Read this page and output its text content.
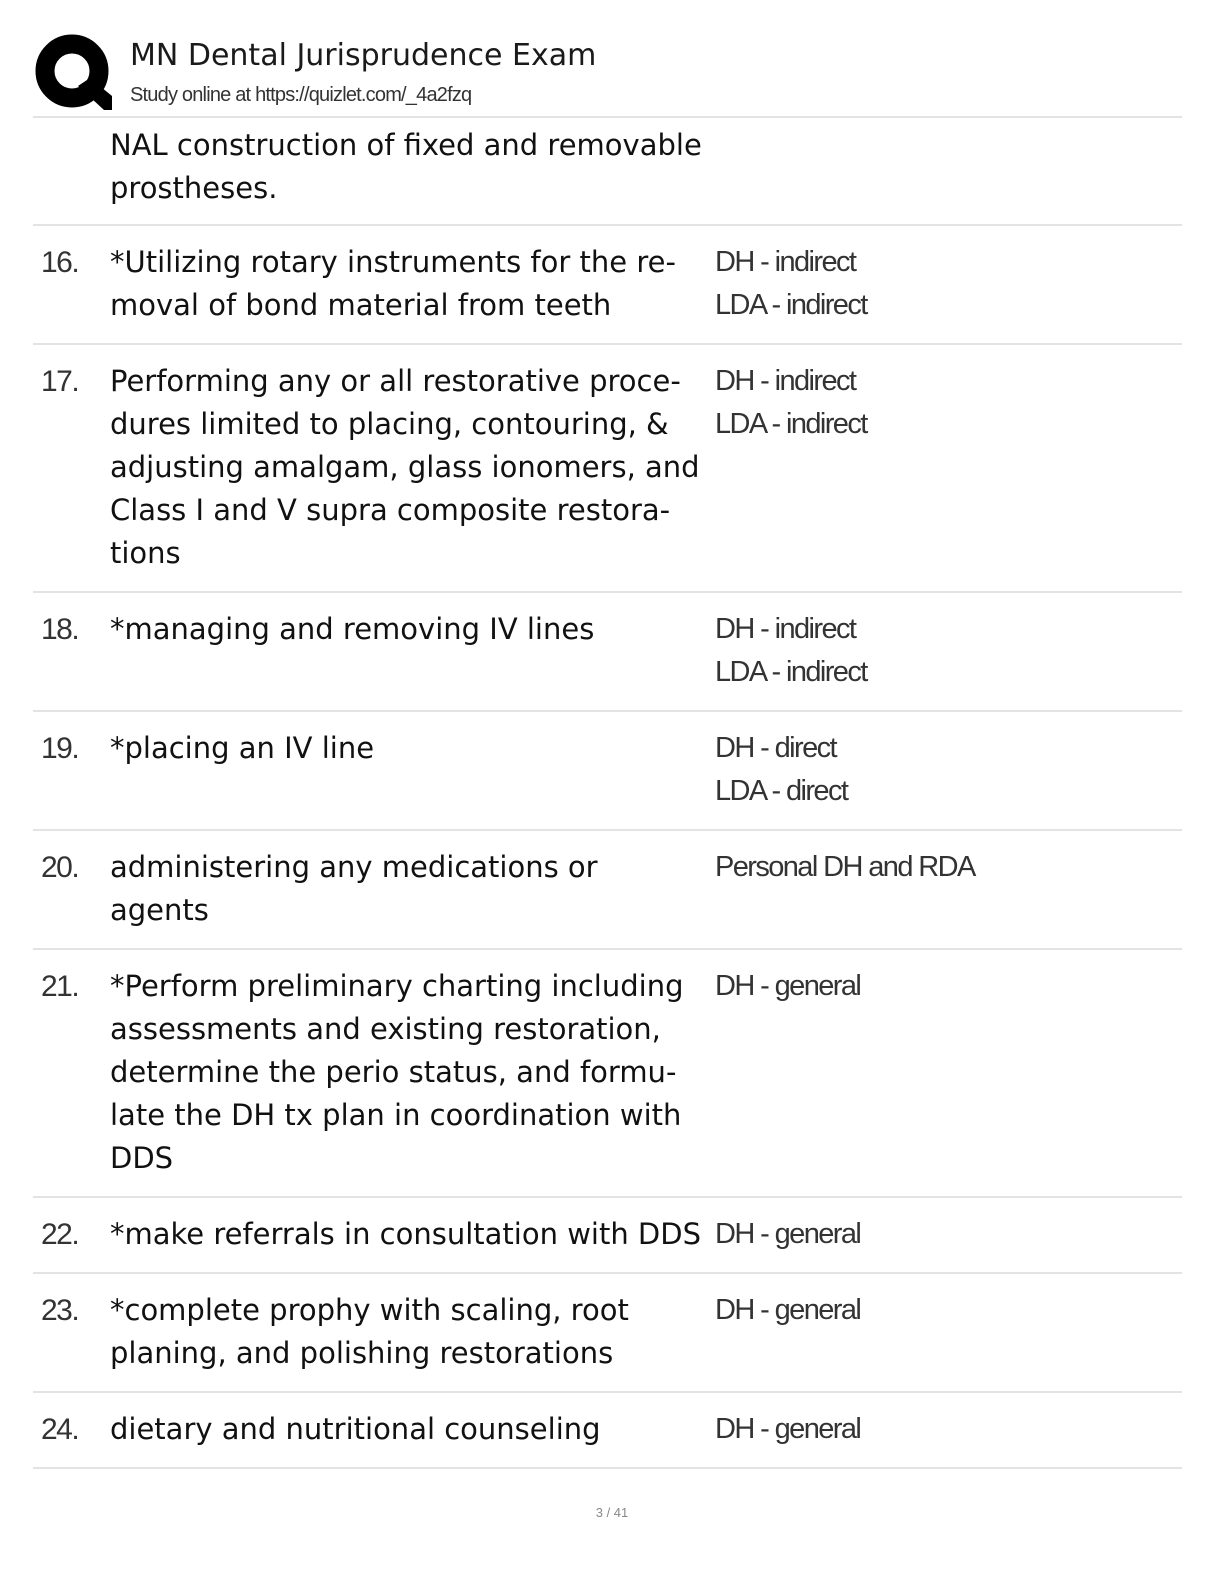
MN Dental Jurisprudence Exam
Study online at https://quizlet.com/_4a2fzq
NAL construction of fixed and removable
prostheses.
16.	*Utilizing rotary instruments for the re-
moval of bond material from teeth
DH - indirect
LDA - indirect
17.	Performing any or all restorative proce-
dures limited to placing, contouring, &
adjusting amalgam, glass ionomers, and
Class I and V supra composite restora-
tions
DH - indirect
LDA - indirect
18.	*managing and removing IV lines	DH - indirect
LDA - indirect
19.	*placing an IV line	DH - direct
LDA - direct
20.	administering any medications or
agents
Personal DH and RDA
21.	*Perform preliminary charting including
assessments and existing restoration,
determine the perio status, and formu-
late the DH tx plan in coordination with
DDS
DH - general
22.	*make referrals in consultation with DDS DH - general
23.	*complete prophy with scaling, root
planing, and polishing restorations
DH - general
24.	dietary and nutritional counseling	DH - general
3 / 41
